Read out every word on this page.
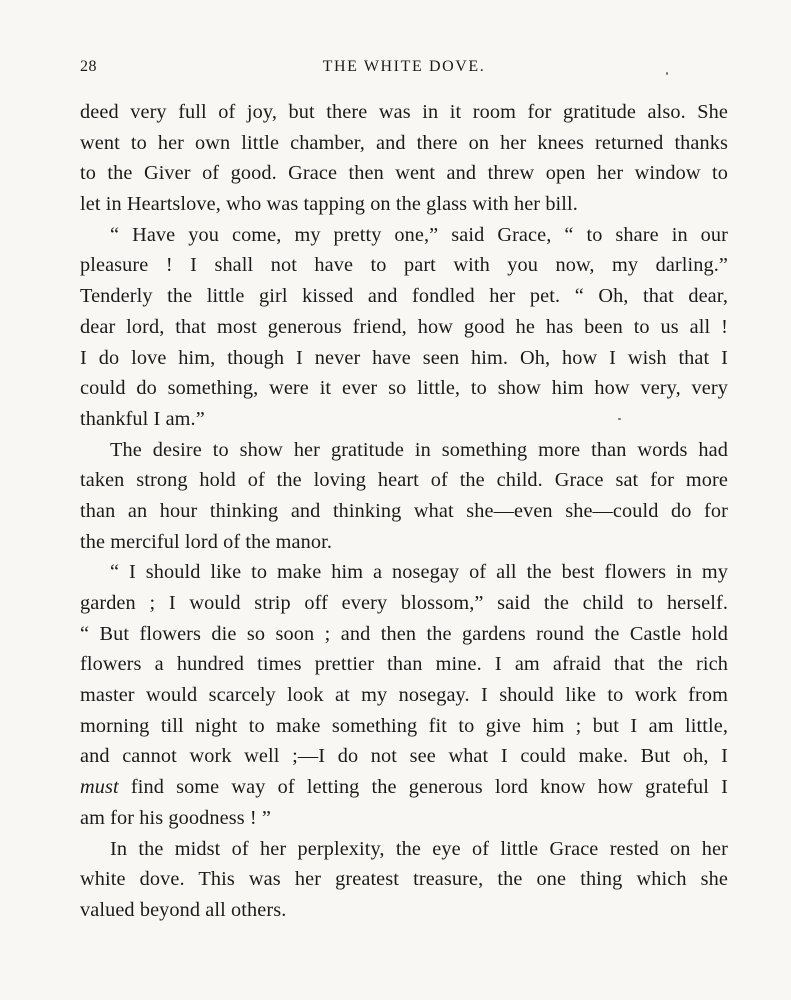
28	THE WHITE DOVE.
deed very full of joy, but there was in it room for gratitude also. She
went to her own little chamber, and there on her knees returned thanks
to the Giver of good. Grace then went and threw open her window to
let in Heartslove, who was tapping on the glass with her bill.
“ Have you come, my pretty one,” said Grace, “ to share in our
pleasure ! I shall not have to part with you now, my darling.”
Tenderly the little girl kissed and fondled her pet. “ Oh, that dear,
dear lord, that most generous friend, how good he has been to us all !
I do love him, though I never have seen him. Oh, how I wish that I
could do something, were it ever so little, to show him how very, very
thankful I am.”
The desire to show her gratitude in something more than words had
taken strong hold of the loving heart of the child. Grace sat for more
than an hour thinking and thinking what she—even she—could do for
the merciful lord of the manor.
“ I should like to make him a nosegay of all the best flowers in my
garden ; I would strip off every blossom,” said the child to herself.
“ But flowers die so soon ; and then the gardens round the Castle hold
flowers a hundred times prettier than mine. I am afraid that the rich
master would scarcely look at my nosegay. I should like to work from
morning till night to make something fit to give him ; but I am little,
and cannot work well ;—I do not see what I could make. But oh, I
must find some way of letting the generous lord know how grateful I
am for his goodness ! ”
In the midst of her perplexity, the eye of little Grace rested on her
white dove. This was her greatest treasure, the one thing which she
valued beyond all others.
